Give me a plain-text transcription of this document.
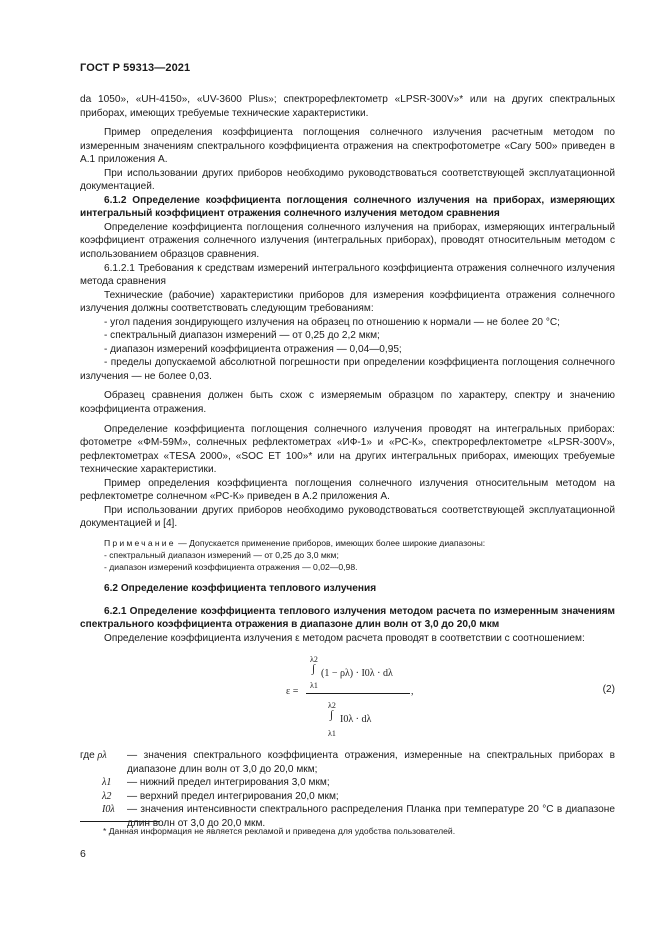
ГОСТ Р 59313—2021

da 1050», «UH-4150», «UV-3600 Plus»; спектрорефлектометр «LPSR-300V»* или на других спектральных приборах, имеющих требуемые технические характеристики.

Пример определения коэффициента поглощения солнечного излучения расчетным методом по измеренным значениям спектрального коэффициента отражения на спектрофотометре «Cary 500» приведен в А.1 приложения А.

При использовании других приборов необходимо руководствоваться соответствующей эксплуатационной документацией.

6.1.2 Определение коэффициента поглощения солнечного излучения на приборах, измеряющих интегральный коэффициент отражения солнечного излучения методом сравнения

Определение коэффициента поглощения солнечного излучения на приборах, измеряющих интегральный коэффициент отражения солнечного излучения (интегральных приборах), проводят относительным методом с использованием образцов сравнения.

6.1.2.1 Требования к средствам измерений интегрального коэффициента отражения солнечного излучения метода сравнения

Технические (рабочие) характеристики приборов для измерения коэффициента отражения солнечного излучения должны соответствовать следующим требованиям:

- угол падения зондирующего излучения на образец по отношению к нормали — не более 20 °С;

- спектральный диапазон измерений — от 0,25 до 2,2 мкм;

- диапазон измерений коэффициента отражения — 0,04—0,95;

- пределы допускаемой абсолютной погрешности при определении коэффициента поглощения солнечного излучения — не более 0,03.

Образец сравнения должен быть схож с измеряемым образцом по характеру, спектру и значению коэффициента отражения.

Определение коэффициента поглощения солнечного излучения проводят на интегральных приборах: фотометре «ФМ-59М», солнечных рефлектометрах «ИФ-1» и «РС-К», спектрорефлектометре «LPSR-300V», рефлектометрах «TESA 2000», «SOC ET 100»* или на других интегральных приборах, имеющих требуемые технические характеристики.

Пример определения коэффициента поглощения солнечного излучения относительным методом на рефлектометре солнечном «РС-К» приведен в А.2 приложения А.

При использовании других приборов необходимо руководствоваться соответствующей эксплуатационной документацией и [4].

Примечание — Допускается применение приборов, имеющих более широкие диапазоны:

- спектральный диапазон измерений — от 0,25 до 3,0 мкм;

- диапазон измерений коэффициента отражения — 0,02—0,98.

6.2 Определение коэффициента теплового излучения

6.2.1 Определение коэффициента теплового излучения методом расчета по измеренным значениям спектрального коэффициента отражения в диапазоне длин волн от 3,0 до 20,0 мкм

Определение коэффициента излучения ε методом расчета проводят в соответствии с соотношением:

ε =
λ2
∫ (1 − ρλ) · I0λ · dλ
λ1
λ2
∫ I0λ · dλ
λ1
,	(2)
где ρλ — значения спектрального коэффициента отражения, измеренные на спектральных приборах в диапазоне длин волн от 3,0 до 20,0 мкм;
λ1 — нижний предел интегрирования 3,0 мкм;
λ2 — верхний предел интегрирования 20,0 мкм;
I0λ — значения интенсивности спектрального распределения Планка при температуре 20 °С в диапазоне длин волн от 3,0 до 20,0 мкм.
* Данная информация не является рекламой и приведена для удобства пользователей.
6
